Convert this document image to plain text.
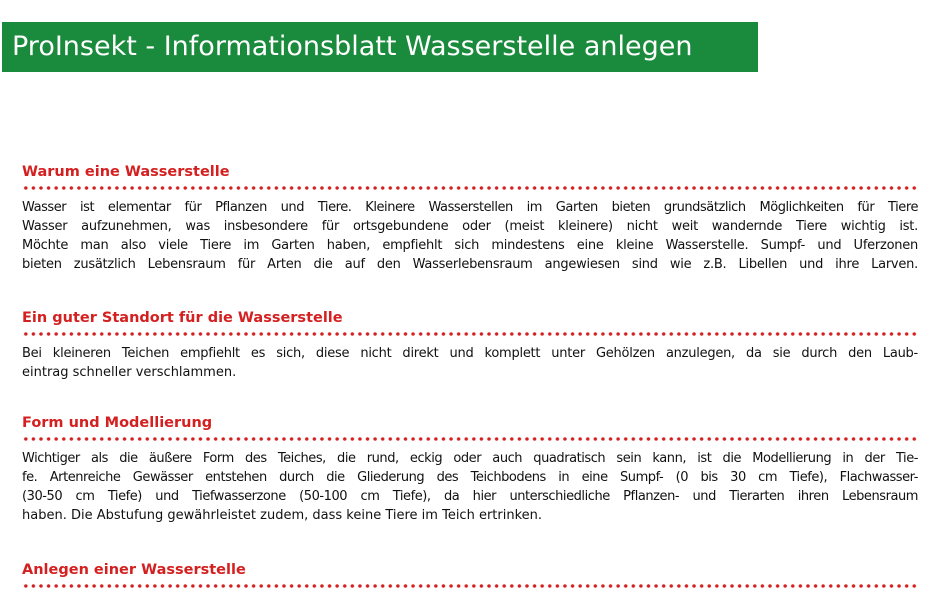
ProInsekt - Informationsblatt Wasserstelle anlegen
Warum eine Wasserstelle
Wasser ist elementar für Pflanzen und Tiere. Kleinere Wasserstellen im Garten bieten grundsätzlich Möglichkeiten für Tiere
Wasser aufzunehmen, was insbesondere für ortsgebundene oder (meist kleinere) nicht weit wandernde Tiere wichtig ist.
Möchte man also viele Tiere im Garten haben, empfiehlt sich mindestens eine kleine Wasserstelle. Sumpf- und Uferzonen
bieten zusätzlich Lebensraum für Arten die auf den Wasserlebensraum angewiesen sind wie z.B. Libellen und ihre Larven.
Ein guter Standort für die Wasserstelle
Bei kleineren Teichen empfiehlt es sich, diese nicht direkt und komplett unter Gehölzen anzulegen, da sie durch den Laub-
eintrag schneller verschlammen.
Form und Modellierung
Wichtiger als die äußere Form des Teiches, die rund, eckig oder auch quadratisch sein kann, ist die Modellierung in der Tie-
fe. Artenreiche Gewässer entstehen durch die Gliederung des Teichbodens in eine Sumpf- (0 bis 30 cm Tiefe), Flachwasser-
(30-50 cm Tiefe) und Tiefwasserzone (50-100 cm Tiefe), da hier unterschiedliche Pflanzen- und Tierarten ihren Lebensraum
haben. Die Abstufung gewährleistet zudem, dass keine Tiere im Teich ertrinken.
Anlegen einer Wasserstelle
